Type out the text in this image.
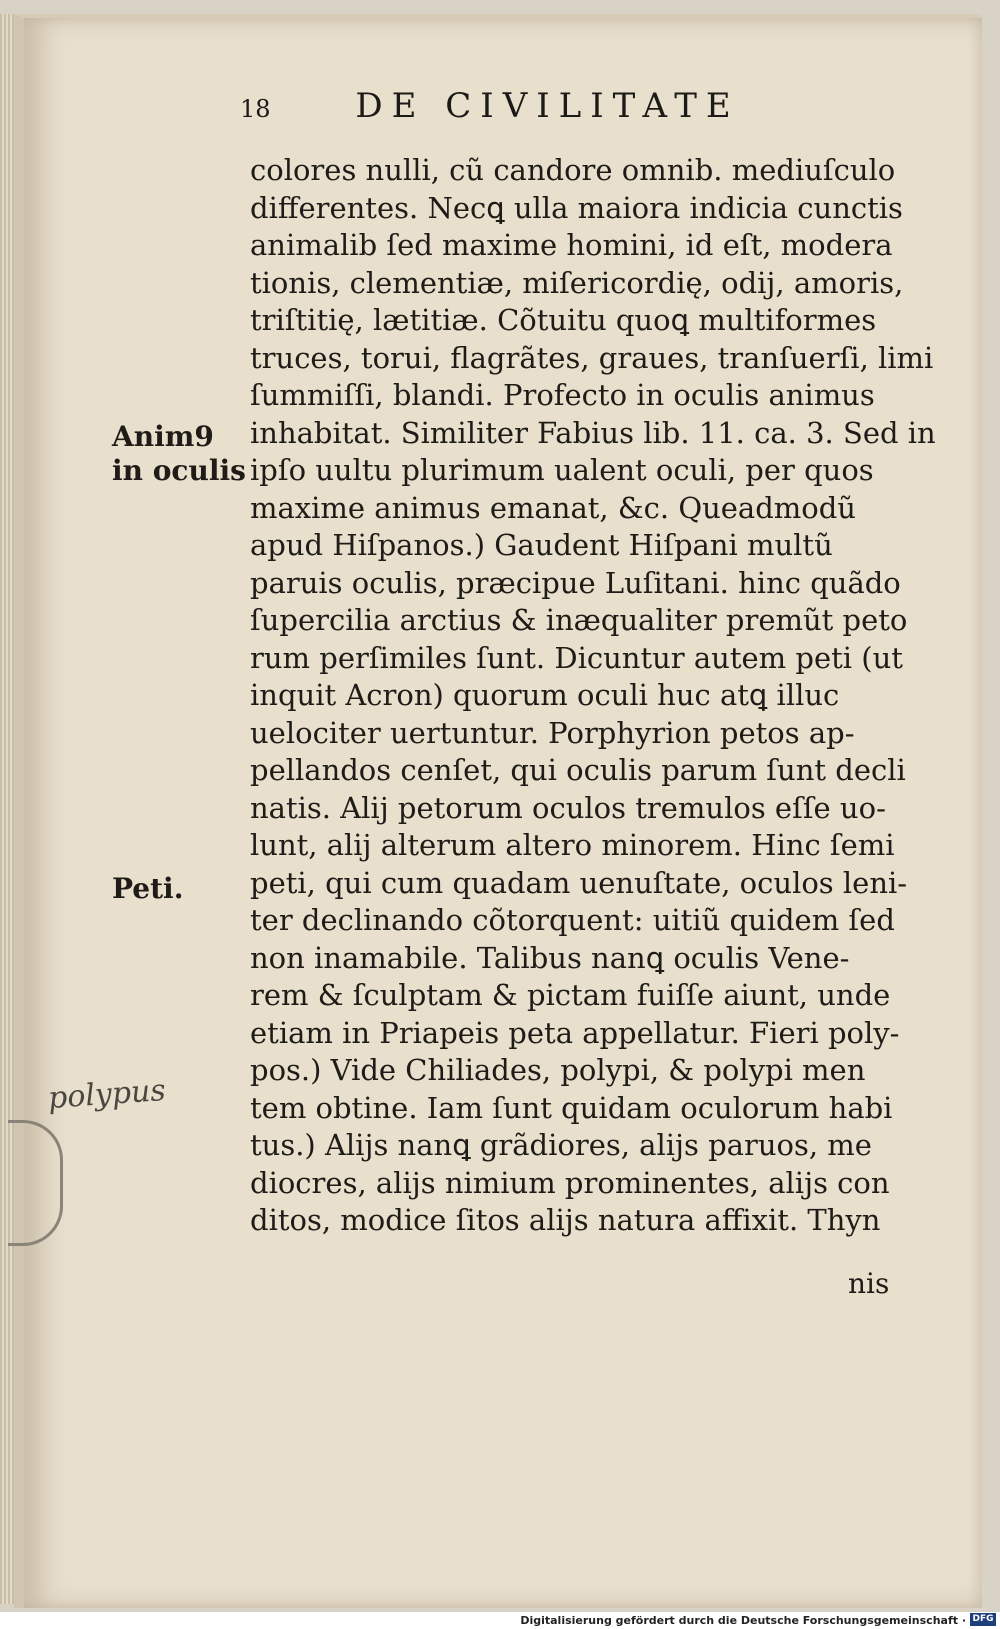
18 DE CIVILITATE
colores nulli, cũ candore omnib. mediuſculo
differentes. Necꝗ ulla maiora indicia cunctis
animalib ſed maxime homini, id eſt, modera
tionis, clementiæ, miſericordię, odij, amoris,
triſtitię, lætitiæ. Cõtuitu quoꝗ multiformes
truces, torui, flagrãtes, graues, tranſuerſi, limi
ſummiſſi, blandi. Profecto in oculis animus
inhabitat. Similiter Fabius lib. 11. ca. 3. Sed in
ipſo uultu plurimum ualent oculi, per quos
maxime animus emanat, &c. Queadmodũ
apud Hiſpanos.) Gaudent Hiſpani multũ
paruis oculis, præcipue Luſitani. hinc quãdo
ſupercilia arctius & inæqualiter premũt peto
rum perſimiles ſunt. Dicuntur autem peti (ut
inquit Acron) quorum oculi huc atꝗ illuc
uelociter uertuntur. Porphyrion petos ap-
pellandos cenſet, qui oculis parum ſunt decli
natis. Alij petorum oculos tremulos eſſe uo-
lunt, alij alterum altero minorem. Hinc ſemi
peti, qui cum quadam uenuſtate, oculos leni-
ter declinando cõtorquent: uitiũ quidem ſed
non inamabile. Talibus nanꝗ oculis Vene-
rem & ſculptam & pictam fuiſſe aiunt, unde
etiam in Priapeis peta appellatur. Fieri poly-
pos.) Vide Chiliades, polypi, & polypi men
tem obtine. Iam ſunt quidam oculorum habi
tus.) Alijs nanꝗ grãdiores, alijs paruos, me
diocres, alijs nimium prominentes, alijs con
ditos, modice ſitos alijs natura affixit. Thyn
nis
Anim9
in oculis
Peti.
polypus
Digitalisierung gefördert durch die Deutsche Forschungsgemeinschaft · DFG
